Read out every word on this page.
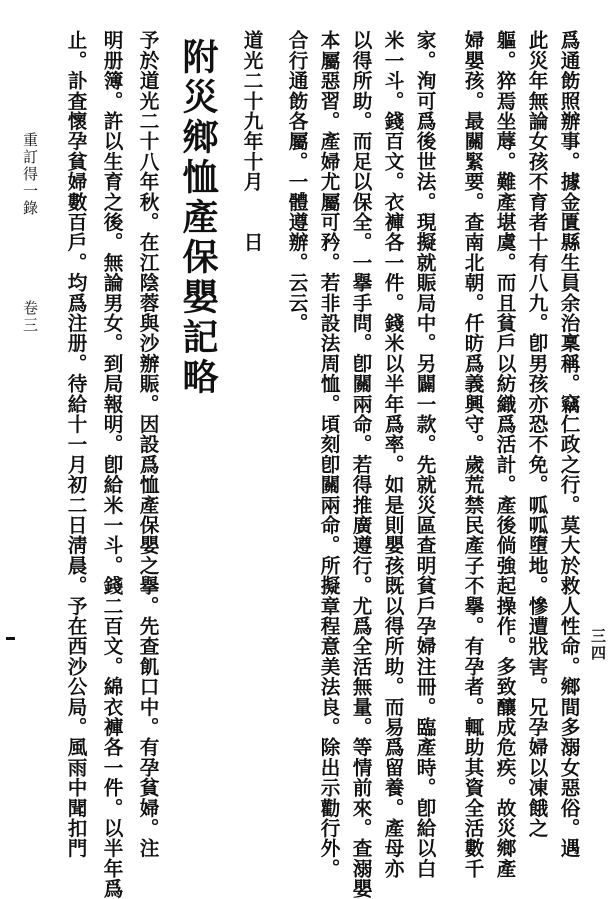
爲通飭照辦事。據金匱縣生員余治稟稱。竊仁政之行。莫大於救人性命。鄉間多溺女惡俗。遇
此災年無論女孩不育者十有八九。卽男孩亦恐不免。呱呱墮地。慘遭戕害。兄孕婦以凍餓之
軀。猝焉坐蓐。難產堪虞。而且貧戶以紡織爲活計。產後倘強起操作。多致釀成危疾。故災鄉產
婦嬰孩。最關緊要。查南北朝。仟昉爲義興守。歲荒禁民產子不擧。有孕者。輒助其資全活數千
家。洵可爲後世法。現擬就賑局中。另闢一款。先就災區查明貧戶孕婦注冊。臨產時。卽給以白
米一斗。錢百文。衣褲各一件。錢米以半年爲率。如是則嬰孩既以得所助。而易爲留養。產母亦
以得所助。而足以保全。一擧手問。卽關兩命。若得推廣遵行。尤爲全活無量。等情前來。查溺嬰
本屬惡習。產婦尤屬可矜。若非設法周恤。頃刻卽關兩命。所擬章程意美法良。除出示勸行外。
合行通飭各屬。一體遵辦。云云。
道光二十九年十月　　日
附災鄉恤產保嬰記略
予於道光二十八年秋。在江陰蓉與沙辦賑。因設爲恤產保嬰之擧。先查飢口中。有孕貧婦。注
明册簿。許以生育之後。無論男女。到局報明。卽給米一斗。錢二百文。綿衣褲各一件。以半年爲
止。訃査懷孕貧婦數百戶。均爲注册。待給十一月初二日淸晨。予在西沙公局。風雨中聞扣門
重訂得一錄
卷三
三四
